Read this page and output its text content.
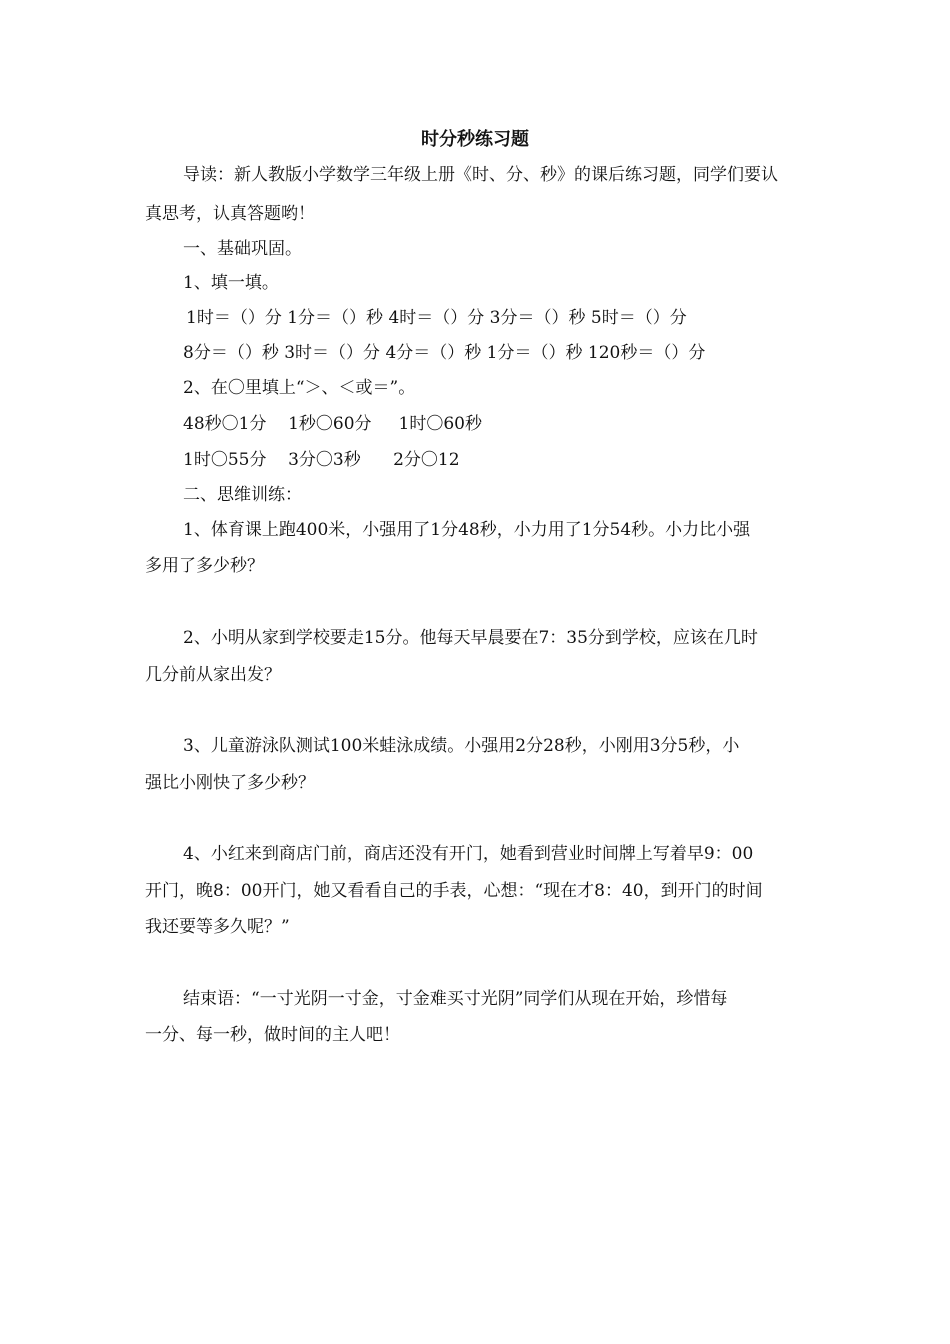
时分秒练习题
导读：新人教版小学数学三年级上册《时、分、秒》的课后练习题，同学们要认
真思考，认真答题哟！
一、基础巩固。
1、填一填。
1时＝（）分 1分＝（）秒 4时＝（）分 3分＝（）秒 5时＝（）分
8分＝（）秒 3时＝（）分 4分＝（）秒 1分＝（）秒 120秒＝（）分
2、在〇里填上“＞、＜或＝”。
48秒〇1分    1秒〇60分     1时〇60秒
1时〇55分    3分〇3秒      2分〇12
二、思维训练：
1、体育课上跑400米，小强用了1分48秒，小力用了1分54秒。小力比小强
多用了多少秒？
2、小明从家到学校要走15分。他每天早晨要在7：35分到学校，应该在几时
几分前从家出发？
3、儿童游泳队测试100米蛙泳成绩。小强用2分28秒，小刚用3分5秒，小
强比小刚快了多少秒？
4、小红来到商店门前，商店还没有开门，她看到营业时间牌上写着早9：00
开门，晚8：00开门，她又看看自己的手表，心想：“现在才8：40，到开门的时间
我还要等多久呢？”
结束语：“一寸光阴一寸金，寸金难买寸光阴”同学们从现在开始，珍惜每
一分、每一秒，做时间的主人吧！
